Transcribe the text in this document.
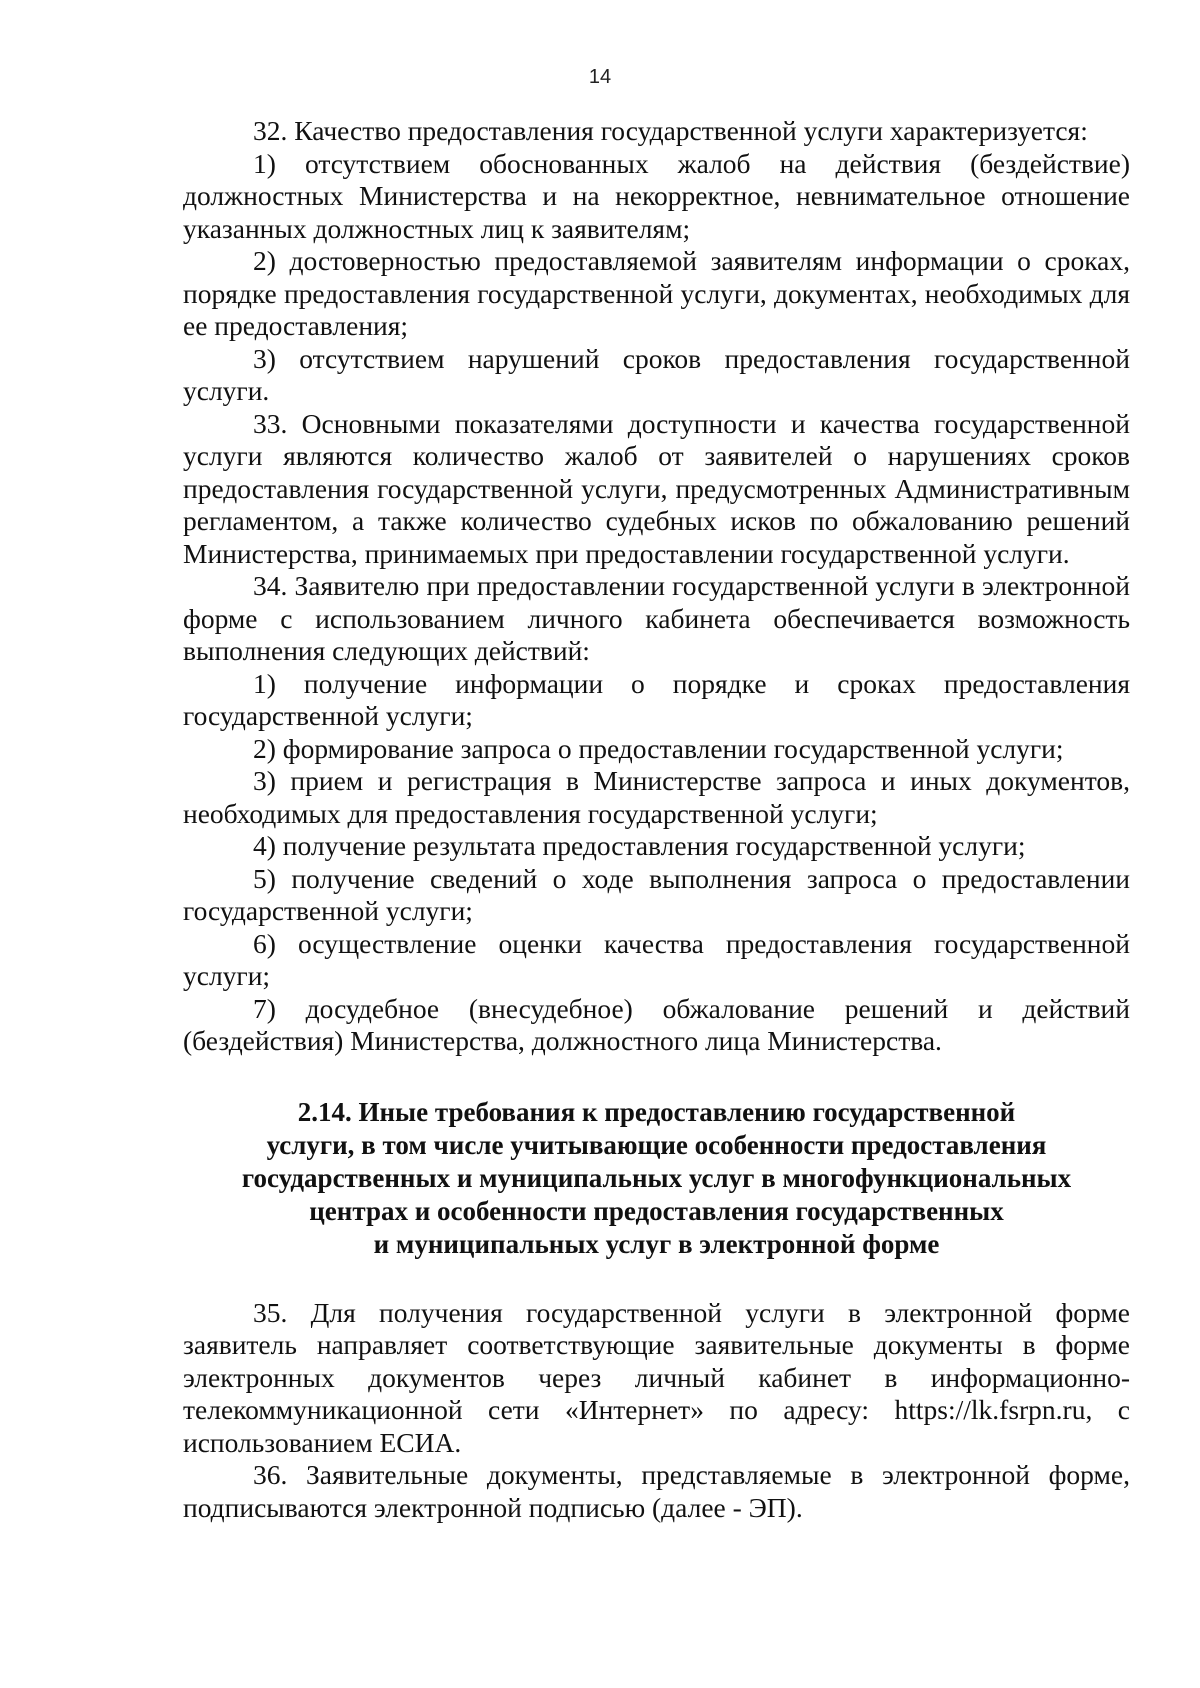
14

32. Качество предоставления государственной услуги характеризуется:

1) отсутствием обоснованных жалоб на действия (бездействие) должностных Министерства и на некорректное, невнимательное отношение указанных должностных лиц к заявителям;

2) достоверностью предоставляемой заявителям информации о сроках, порядке предоставления государственной услуги, документах, необходимых для ее предоставления;

3) отсутствием нарушений сроков предоставления государственной услуги.

33. Основными показателями доступности и качества государственной услуги являются количество жалоб от заявителей о нарушениях сроков предоставления государственной услуги, предусмотренных Административным регламентом, а также количество судебных исков по обжалованию решений Министерства, принимаемых при предоставлении государственной услуги.

34. Заявителю при предоставлении государственной услуги в электронной форме с использованием личного кабинета обеспечивается возможность выполнения следующих действий:

1) получение информации о порядке и сроках предоставления государственной услуги;

2) формирование запроса о предоставлении государственной услуги;

3) прием и регистрация в Министерстве запроса и иных документов, необходимых для предоставления государственной услуги;

4) получение результата предоставления государственной услуги;

5) получение сведений о ходе выполнения запроса о предоставлении государственной услуги;

6) осуществление оценки качества предоставления государственной услуги;

7) досудебное (внесудебное) обжалование решений и действий (бездействия) Министерства, должностного лица Министерства.

2.14. Иные требования к предоставлению государственной
услуги, в том числе учитывающие особенности предоставления
государственных и муниципальных услуг в многофункциональных
центрах и особенности предоставления государственных
и муниципальных услуг в электронной форме

35. Для получения государственной услуги в электронной форме заявитель направляет соответствующие заявительные документы в форме электронных документов через личный кабинет в информационно-телекоммуникационной сети «Интернет» по адресу: https://lk.fsrpn.ru, с использованием ЕСИА.

36. Заявительные документы, представляемые в электронной форме, подписываются электронной подписью (далее - ЭП).
